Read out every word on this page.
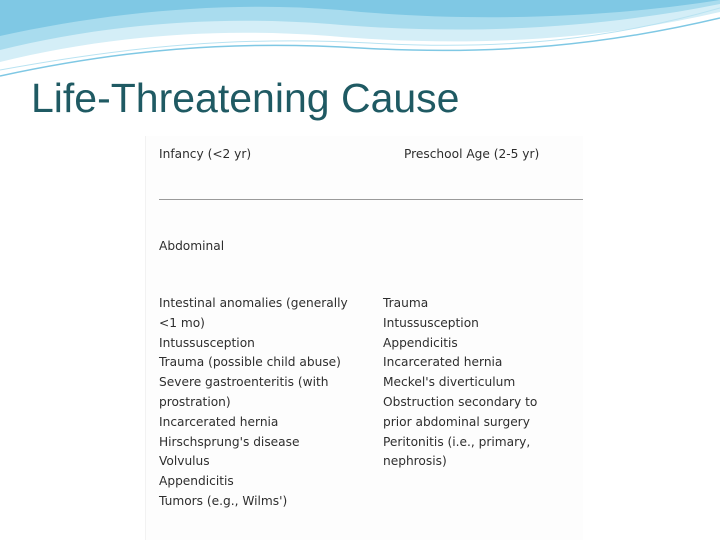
Life-Threatening Cause
Infancy (<2 yr)	Preschool Age (2-5 yr)
Abdominal
Intestinal anomalies (generally
<1 mo)
Intussusception
Trauma (possible child abuse)
Severe gastroenteritis (with
prostration)
Incarcerated hernia
Hirschsprung's disease
Volvulus
Appendicitis
Tumors (e.g., Wilms')
Trauma
Intussusception
Appendicitis
Incarcerated hernia
Meckel's diverticulum
Obstruction secondary to
prior abdominal surgery
Peritonitis (i.e., primary,
nephrosis)
